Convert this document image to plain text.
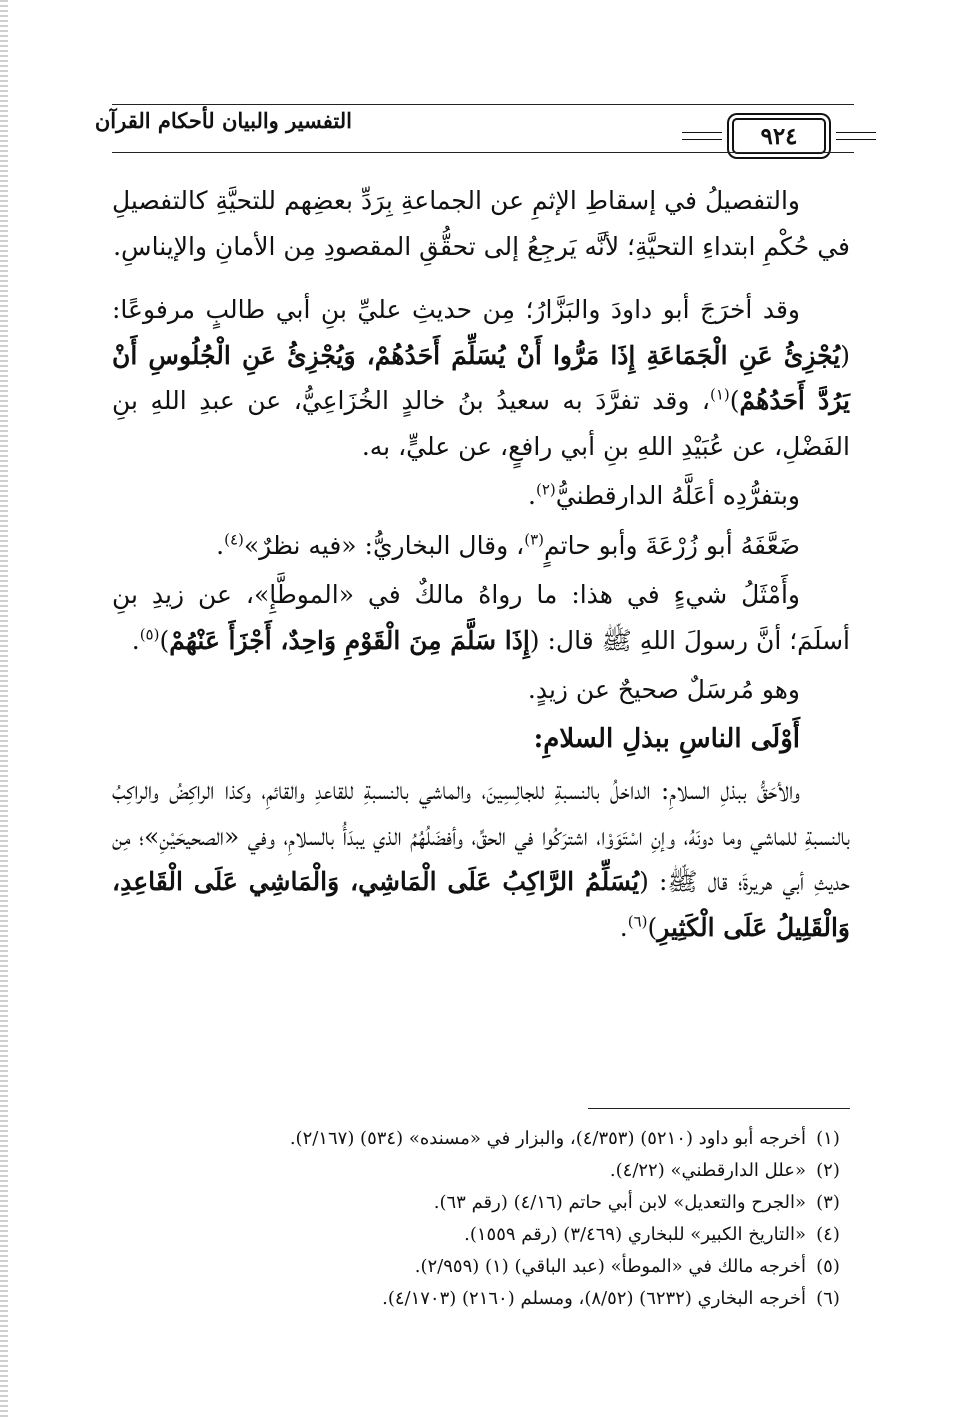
التفسير والبيان لأحكام القرآن
٩٢٤

والتفصيلُ في إسقاطِ الإثمِ عن الجماعةِ بِرَدِّ بعضِهم للتحيَّةِ كالتفصيلِ في حُكْمِ ابتداءِ التحيَّةِ؛ لأنَّه يَرجِعُ إلى تحقُّقِ المقصودِ مِن الأمانِ والإيناسِ.

وقد أخرَجَ أبو داودَ والبَزَّارُ؛ مِن حديثِ عليِّ بنِ أبي طالبٍ مرفوعًا: (يُجْزِئُ عَنِ الْجَمَاعَةِ إِذَا مَرُّوا أَنْ يُسَلِّمَ أَحَدُهُمْ، وَيُجْزِئُ عَنِ الْجُلُوسِ أَنْ يَرُدَّ أَحَدُهُمْ)$^{(١)}$، وقد تفرَّدَ به سعيدُ بنُ خالدٍ الخُزَاعِيُّ، عن عبدِ اللهِ بنِ الفَضْلِ، عن عُبَيْدِ اللهِ بنِ أبي رافعٍ، عن عليٍّ، به.

وبتفرُّدِه أعَلَّهُ الدارقطنيُّ$^{(٢)}$.

ضَعَّفَهُ أبو زُرْعَةَ وأبو حاتمٍ$^{(٣)}$، وقال البخاريُّ: «فيه نظرٌ»$^{(٤)}$.

وأَمْثَلُ شيءٍ في هذا: ما رواهُ مالكٌ في «الموطَّإِ»، عن زيدِ بنِ أسلَمَ؛ أنَّ رسولَ اللهِ ﷺ قال: (إِذَا سَلَّمَ مِنَ الْقَوْمِ وَاحِدٌ، أَجْزَأَ عَنْهُمْ)$^{(٥)}$.

وهو مُرسَلٌ صحيحٌ عن زيدٍ.

أَوْلَى الناسِ ببذلِ السلامِ:

والأحَقُّ ببذلِ السلامِ: الداخلُ بالنسبةِ للجالِسِينَ، والماشي بالنسبةِ للقاعدِ والقائمِ، وكذا الراكِضُ والراكِبُ بالنسبةِ للماشي وما دونَهُ، وإنِ اسْتَوَوْا، اشترَكُوا في الحقِّ، وأفضَلُهُمُ الذي يبدَأُ بالسلامِ، وفي «الصحيحَيْنِ»؛ مِن حديثِ أبي هريرةَ؛ قال ﷺ: (يُسَلِّمُ الرَّاكِبُ عَلَى الْمَاشِي، وَالْمَاشِي عَلَى الْقَاعِدِ، وَالْقَلِيلُ عَلَى الْكَثِيرِ)$^{(٦)}$.

(١)
أخرجه أبو داود (٥٢١٠) (٤/٣٥٣)، والبزار في «مسنده» (٥٣٤) (٢/١٦٧).
(٢)
«علل الدارقطني» (٤/٢٢).
(٣)
«الجرح والتعديل» لابن أبي حاتم (٤/١٦) (رقم ٦٣).
(٤)
«التاريخ الكبير» للبخاري (٣/٤٦٩) (رقم ١٥٥٩).
(٥)
أخرجه مالك في «الموطأ» (عبد الباقي) (١) (٢/٩٥٩).
(٦)
أخرجه البخاري (٦٢٣٢) (٨/٥٢)، ومسلم (٢١٦٠) (٤/١٧٠٣).
